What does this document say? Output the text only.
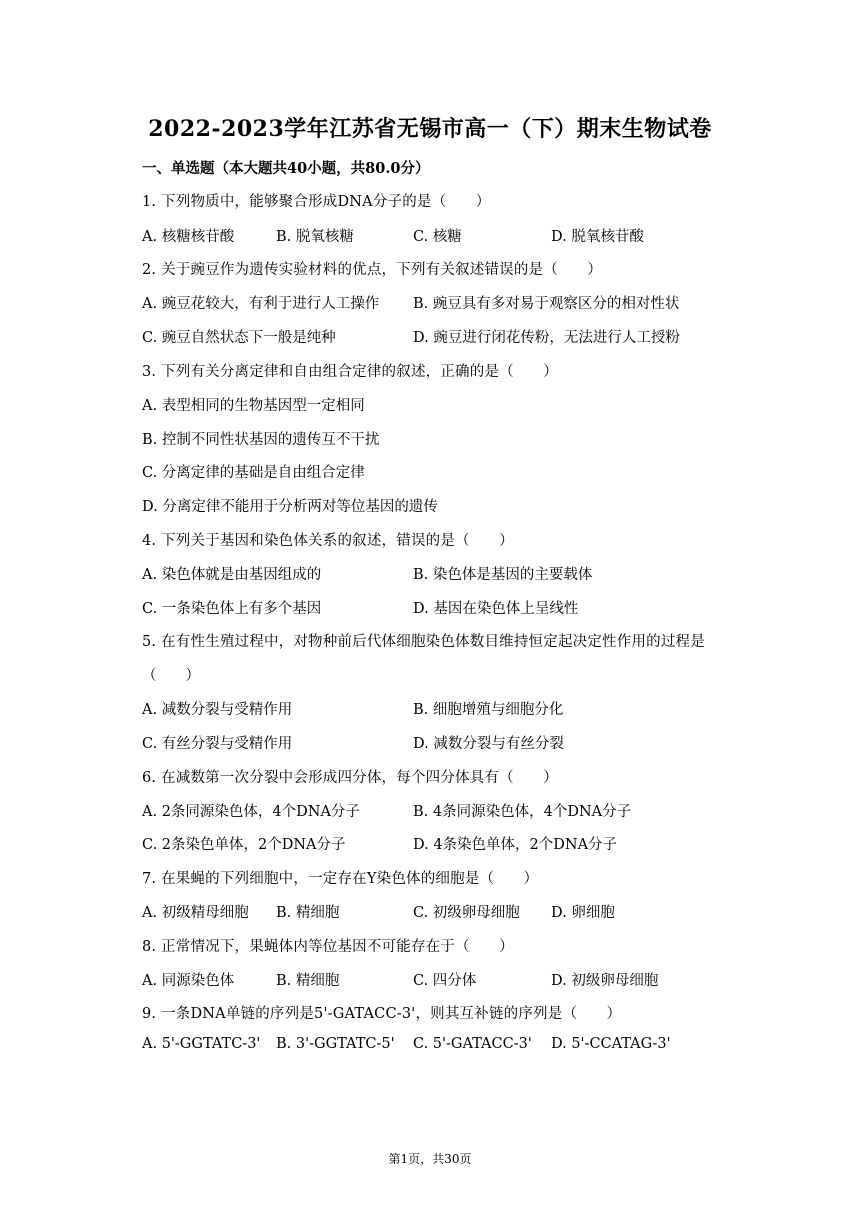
2022-2023学年江苏省无锡市高一（下）期末生物试卷
一、单选题（本大题共40小题，共80.0分）
1. 下列物质中，能够聚合形成DNA分子的是（　　）
A. 核糖核苷酸	B. 脱氧核糖	C. 核糖	D. 脱氧核苷酸
2. 关于豌豆作为遗传实验材料的优点，下列有关叙述错误的是（　　）
A. 豌豆花较大，有利于进行人工操作 B. 豌豆具有多对易于观察区分的相对性状
C. 豌豆自然状态下一般是纯种	D. 豌豆进行闭花传粉，无法进行人工授粉
3. 下列有关分离定律和自由组合定律的叙述，正确的是（　　）
A. 表型相同的生物基因型一定相同
B. 控制不同性状基因的遗传互不干扰
C. 分离定律的基础是自由组合定律
D. 分离定律不能用于分析两对等位基因的遗传
4. 下列关于基因和染色体关系的叙述，错误的是（　　）
A. 染色体就是由基因组成的	B. 染色体是基因的主要载体
C. 一条染色体上有多个基因	D. 基因在染色体上呈线性
5. 在有性生殖过程中，对物种前后代体细胞染色体数目维持恒定起决定性作用的过程是
（　　）
A. 减数分裂与受精作用	B. 细胞增殖与细胞分化
C. 有丝分裂与受精作用	D. 减数分裂与有丝分裂
6. 在减数第一次分裂中会形成四分体，每个四分体具有（　　）
A. 2条同源染色体，4个DNA分子	B. 4条同源染色体，4个DNA分子
C. 2条染色单体，2个DNA分子	D. 4条染色单体，2个DNA分子
7. 在果蝇的下列细胞中，一定存在Y染色体的细胞是（　　）
A. 初级精母细胞 B. 精细胞	C. 初级卵母细胞 D. 卵细胞
8. 正常情况下，果蝇体内等位基因不可能存在于（　　）
A. 同源染色体	B. 精细胞	C. 四分体	D. 初级卵母细胞
9. 一条DNA单链的序列是5'-GATACC-3'，则其互补链的序列是（　　）
A. 5'-GGTATC-3' B. 3'-GGTATC-5' C. 5'-GATACC-3' D. 5'-CCATAG-3'
第1页，共30页
